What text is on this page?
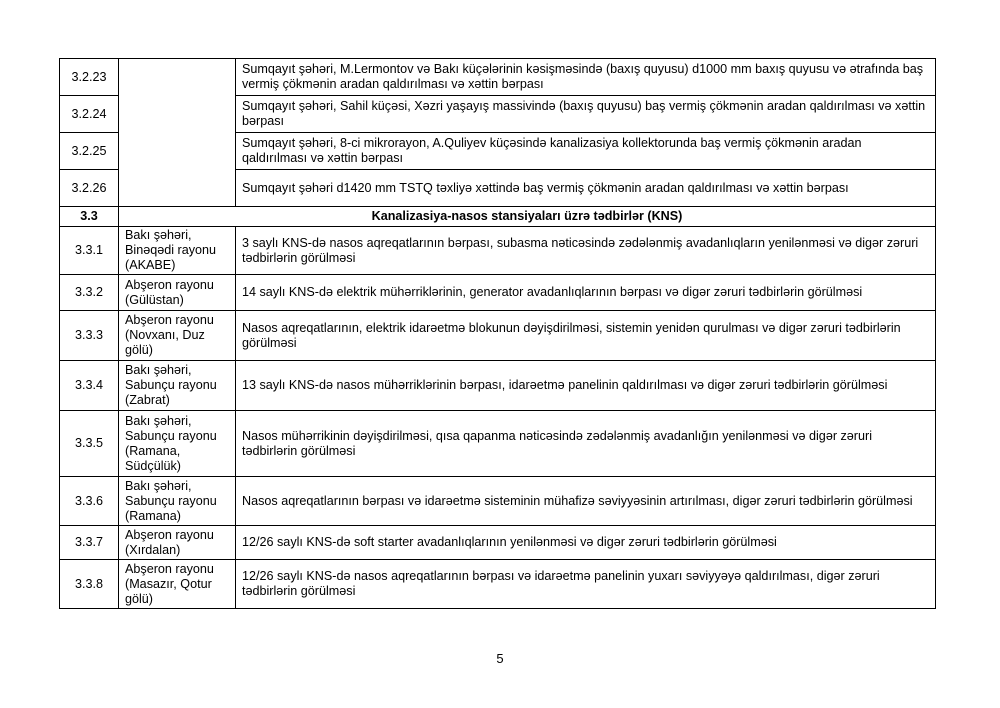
3.2.23		Sumqayıt şəhəri, M.Lermontov və Bakı küçələrinin kəsişməsində (baxış quyusu) d1000 mm baxış quyusu və ətrafında baş vermiş çökmənin aradan qaldırılması və xəttin bərpası
3.2.24		Sumqayıt şəhəri, Sahil küçəsi, Xəzri yaşayış massivində (baxış quyusu) baş vermiş çökmənin aradan qaldırılması və xəttin bərpası
3.2.25		Sumqayıt şəhəri, 8-ci mikrorayon, A.Quliyev küçəsində kanalizasiya kollektorunda baş vermiş çökmənin aradan qaldırılması və xəttin bərpası
3.2.26		Sumqayıt şəhəri d1420 mm TSTQ təxliyə xəttində baş vermiş çökmənin aradan qaldırılması və xəttin bərpası
3.3	Kanalizasiya-nasos stansiyaları üzrə tədbirlər (KNS)	
3.3.1	Bakı şəhəri, Binəqədi rayonu (AKABE)	3 saylı KNS-də nasos aqreqatlarının bərpası, subasma nəticəsində zədələnmiş avadanlıqların yenilənməsi və digər zəruri tədbirlərin görülməsi
3.3.2	Abşeron rayonu (Gülüstan)	14 saylı KNS-də elektrik mühərriklərinin, generator avadanlıqlarının bərpası və digər zəruri tədbirlərin görülməsi
3.3.3	Abşeron rayonu (Novxanı, Duz gölü)	Nasos aqreqatlarının, elektrik idarəetmə blokunun dəyişdirilməsi, sistemin yenidən qurulması və digər zəruri tədbirlərin görülməsi
3.3.4	Bakı şəhəri, Sabunçu rayonu (Zabrat)	13 saylı KNS-də nasos mühərriklərinin bərpası, idarəetmə panelinin qaldırılması və digər zəruri tədbirlərin görülməsi
3.3.5	Bakı şəhəri, Sabunçu rayonu (Ramana, Südçülük)	Nasos mühərrikinin dəyişdirilməsi, qısa qapanma nəticəsində zədələnmiş avadanlığın yenilənməsi və digər zəruri tədbirlərin görülməsi
3.3.6	Bakı şəhəri, Sabunçu rayonu (Ramana)	Nasos aqreqatlarının bərpası və idarəetmə sisteminin mühafizə səviyyəsinin artırılması, digər zəruri tədbirlərin görülməsi
3.3.7	Abşeron rayonu (Xırdalan)	12/26 saylı KNS-də soft starter avadanlıqlarının yenilənməsi və digər zəruri tədbirlərin görülməsi
3.3.8	Abşeron rayonu (Masazır, Qotur gölü)	12/26 saylı KNS-də nasos aqreqatlarının bərpası və idarəetmə panelinin yuxarı səviyyəyə qaldırılması, digər zəruri tədbirlərin görülməsi
5
